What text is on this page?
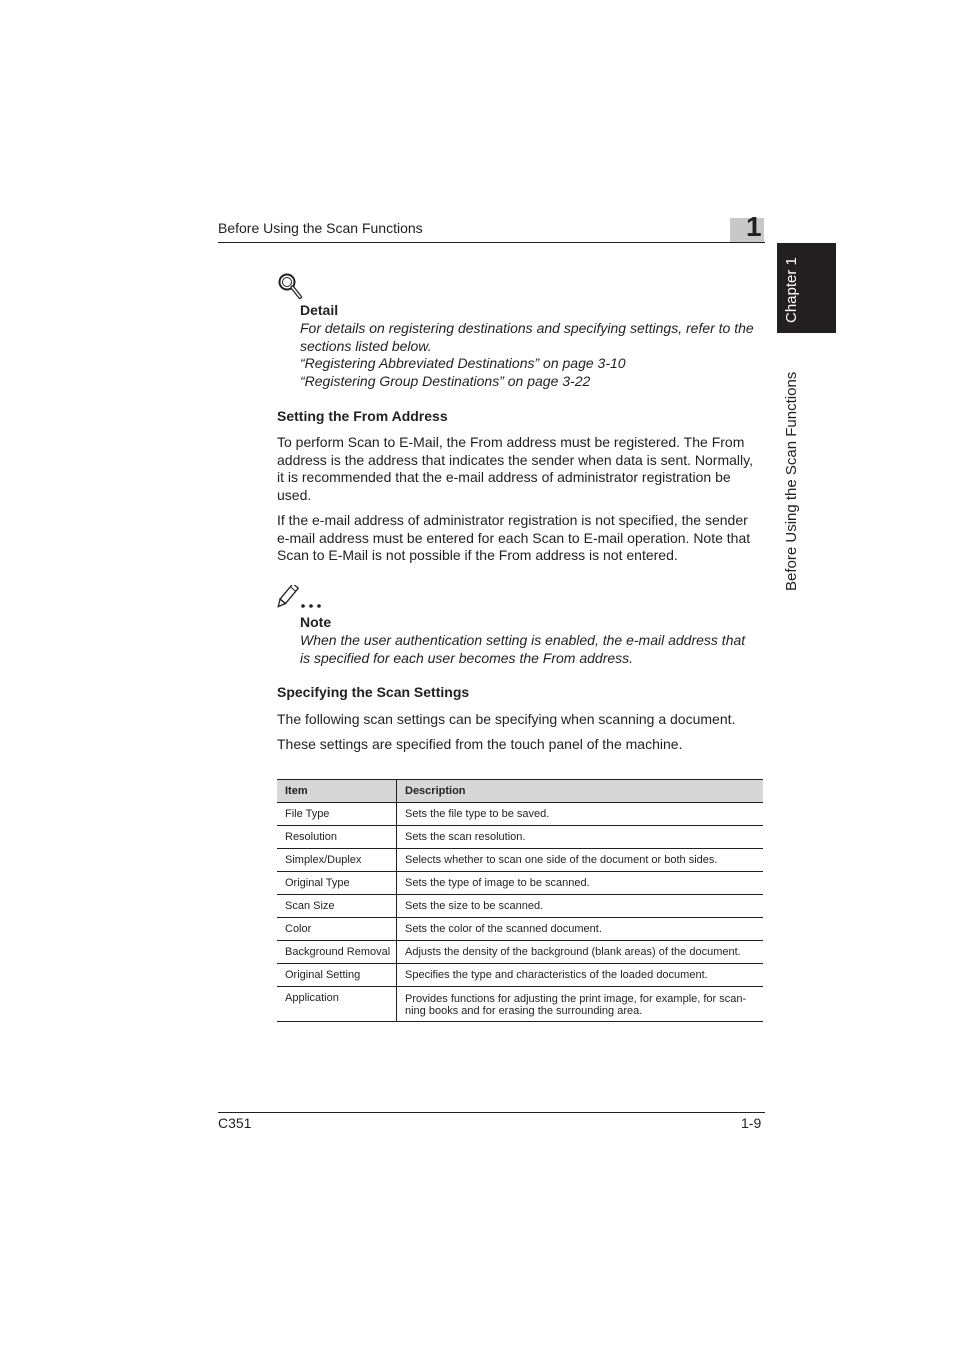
Before Using the Scan Functions	1
Chapter 1
Before Using the Scan Functions
Detail
For details on registering destinations and specifying settings, refer to the
sections listed below.
“Registering Abbreviated Destinations” on page 3-10
“Registering Group Destinations” on page 3-22
Setting the From Address
To perform Scan to E-Mail, the From address must be registered. The From address is the address that indicates the sender when data is sent. Normally, it is recommended that the e-mail address of administrator registration be used.
If the e-mail address of administrator registration is not specified, the sender e-mail address must be entered for each Scan to E-mail operation. Note that Scan to E-Mail is not possible if the From address is not entered.
Note
When the user authentication setting is enabled, the e-mail address that
is specified for each user becomes the From address.
Specifying the Scan Settings
The following scan settings can be specifying when scanning a document.
These settings are specified from the touch panel of the machine.
Item	Description
File Type	Sets the file type to be saved.
Resolution	Sets the scan resolution.
Simplex/Duplex	Selects whether to scan one side of the document or both sides.
Original Type	Sets the type of image to be scanned.
Scan Size	Sets the size to be scanned.
Color	Sets the color of the scanned document.
Background Removal	Adjusts the density of the background (blank areas) of the document.
Original Setting	Specifies the type and characteristics of the loaded document.
Application	Provides functions for adjusting the print image, for example, for scan-ning books and for erasing the surrounding area.
C351	1-9
